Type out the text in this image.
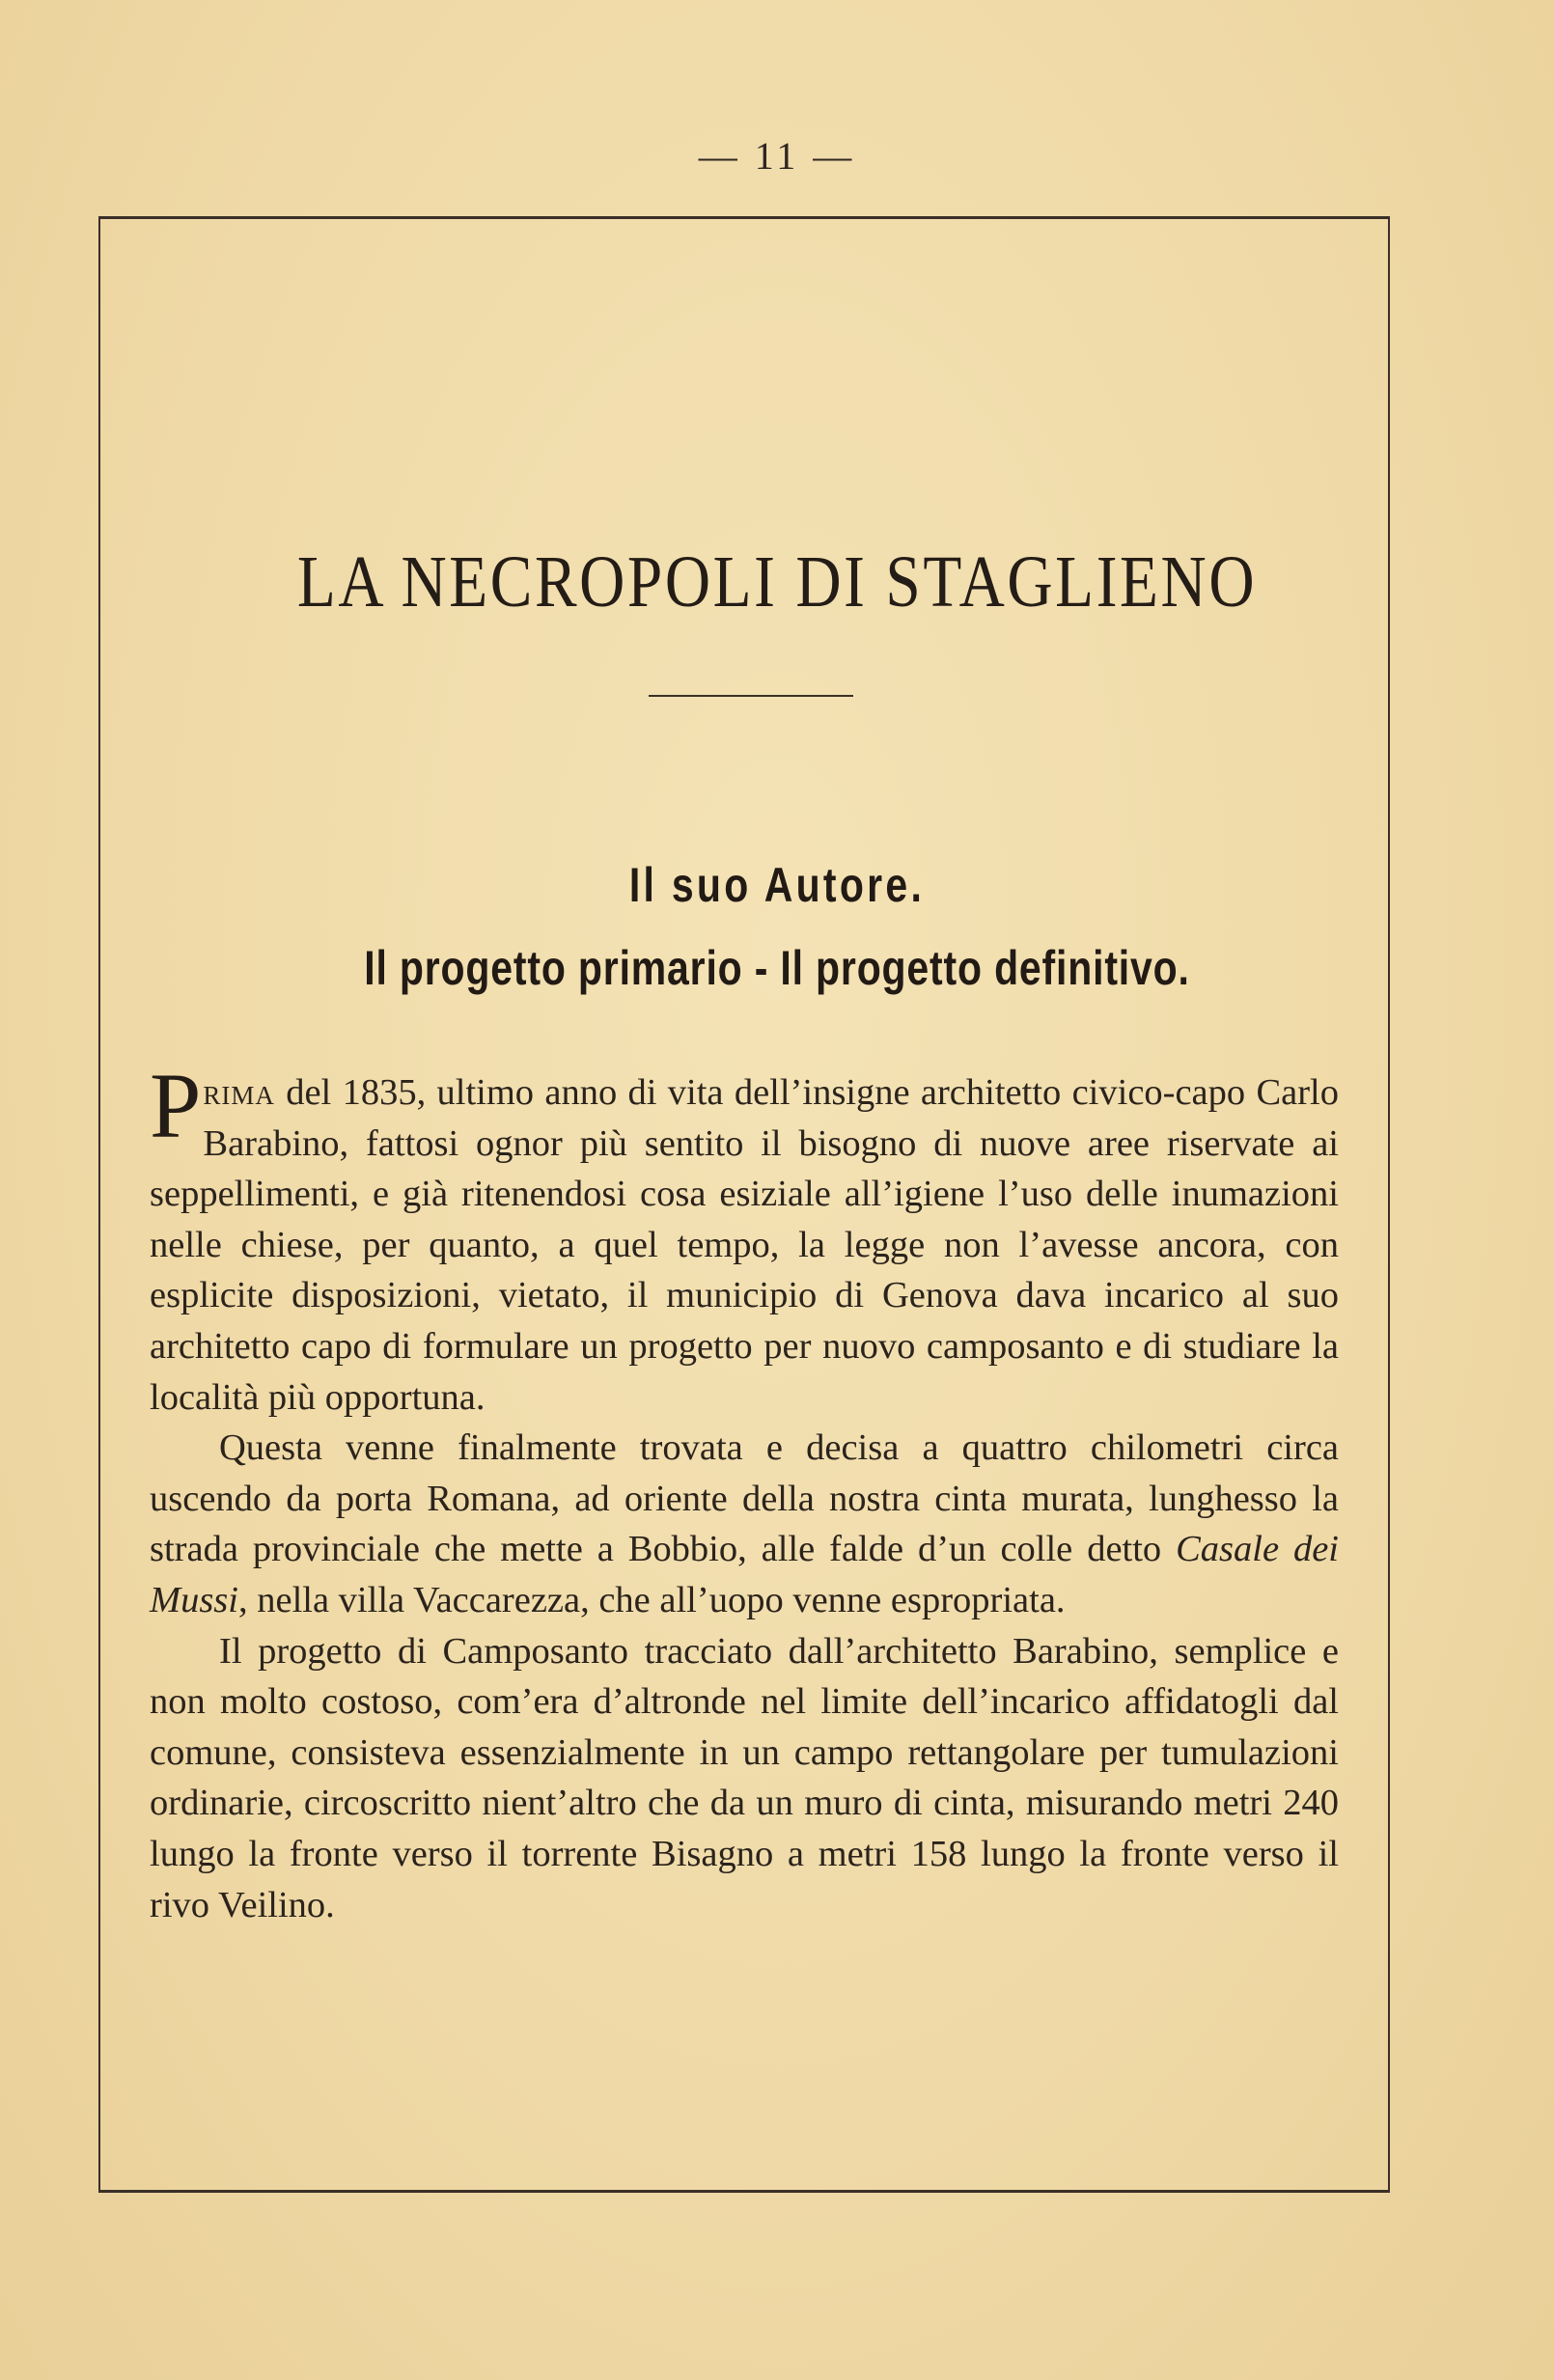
— 11 —
LA NECROPOLI DI STAGLIENO
Il suo Autore.
Il progetto primario - Il progetto definitivo.

Prima del 1835, ultimo anno di vita dell’insigne architetto civico-capo Carlo Barabino, fattosi ognor più sentito il bisogno di nuove aree riservate ai seppellimenti, e già ritenendosi cosa esiziale all’igiene l’uso delle inumazioni nelle chiese, per quanto, a quel tempo, la legge non l’avesse ancora, con esplicite disposizioni, vietato, il municipio di Genova dava incarico al suo architetto capo di formulare un progetto per nuovo camposanto e di studiare la località più opportuna.

Questa venne finalmente trovata e decisa a quattro chilometri circa uscendo da porta Romana, ad oriente della nostra cinta murata, lunghesso la strada provinciale che mette a Bobbio, alle falde d’un colle detto Casale dei Mussi, nella villa Vaccarezza, che all’uopo venne espropriata.

Il progetto di Camposanto tracciato dall’architetto Barabino, semplice e non molto costoso, com’era d’altronde nel limite dell’incarico affidatogli dal comune, consisteva essenzialmente in un campo rettangolare per tumulazioni ordinarie, circoscritto nient’altro che da un muro di cinta, misurando metri 240 lungo la fronte verso il torrente Bisagno a metri 158 lungo la fronte verso il rivo Veilino.
